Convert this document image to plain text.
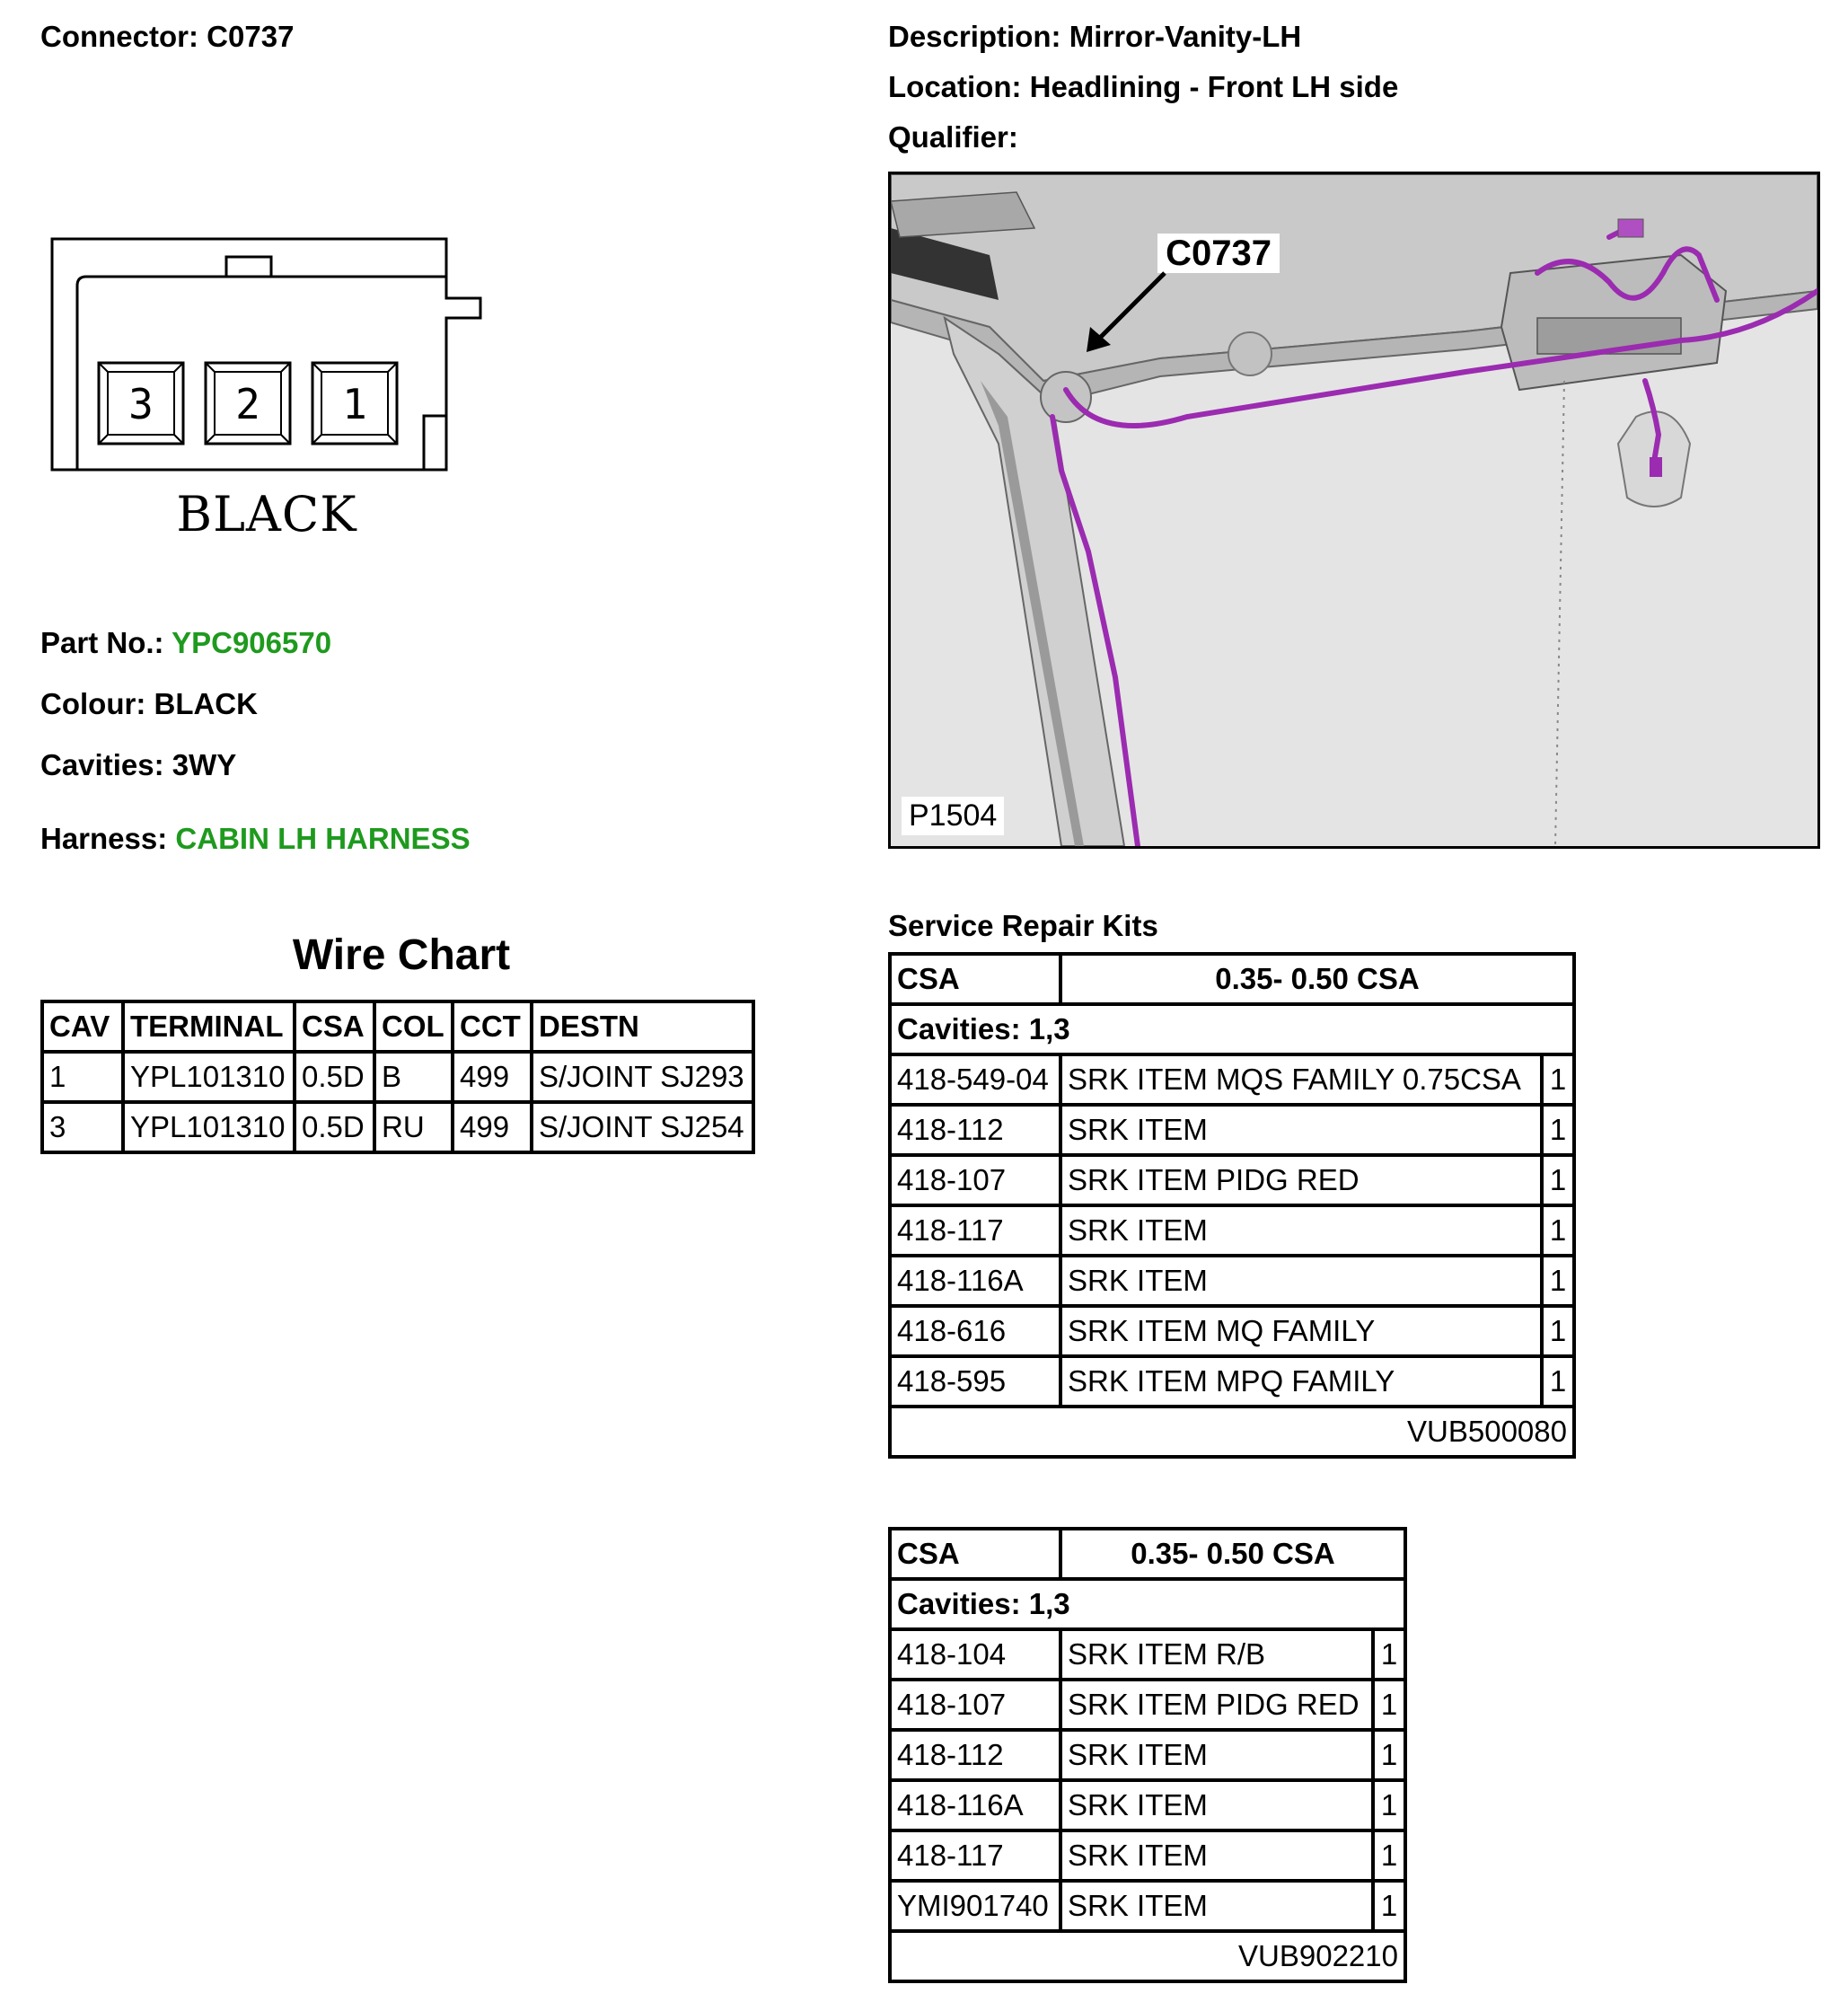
Connector: C0737	Description: Mirror-Vanity-LH
Location: Headlining - Front LH side
Qualifier:
3 2 1
BLACK
Part No.: YPC906570
Colour: BLACK
Cavities: 3WY
Harness: CABIN LH HARNESS
C0737
P1504
Wire Chart
CAV	TERMINAL	CSA	COL	CCT	DESTN
1	YPL101310	0.5D	B	499	S/JOINT SJ293
3	YPL101310	0.5D	RU	499	S/JOINT SJ254
Service Repair Kits
CSA	0.35- 0.50 CSA	
Cavities: 1,3		
418-549-04	SRK ITEM MQS FAMILY 0.75CSA	1
418-112	SRK ITEM	1
418-107	SRK ITEM PIDG RED	1
418-117	SRK ITEM	1
418-116A	SRK ITEM	1
418-616	SRK ITEM MQ FAMILY	1
418-595	SRK ITEM MPQ FAMILY	1
VUB500080		
CSA	0.35- 0.50 CSA	
Cavities: 1,3		
418-104	SRK ITEM R/B	1
418-107	SRK ITEM PIDG RED	1
418-112	SRK ITEM	1
418-116A	SRK ITEM	1
418-117	SRK ITEM	1
YMI901740	SRK ITEM	1
VUB902210		
